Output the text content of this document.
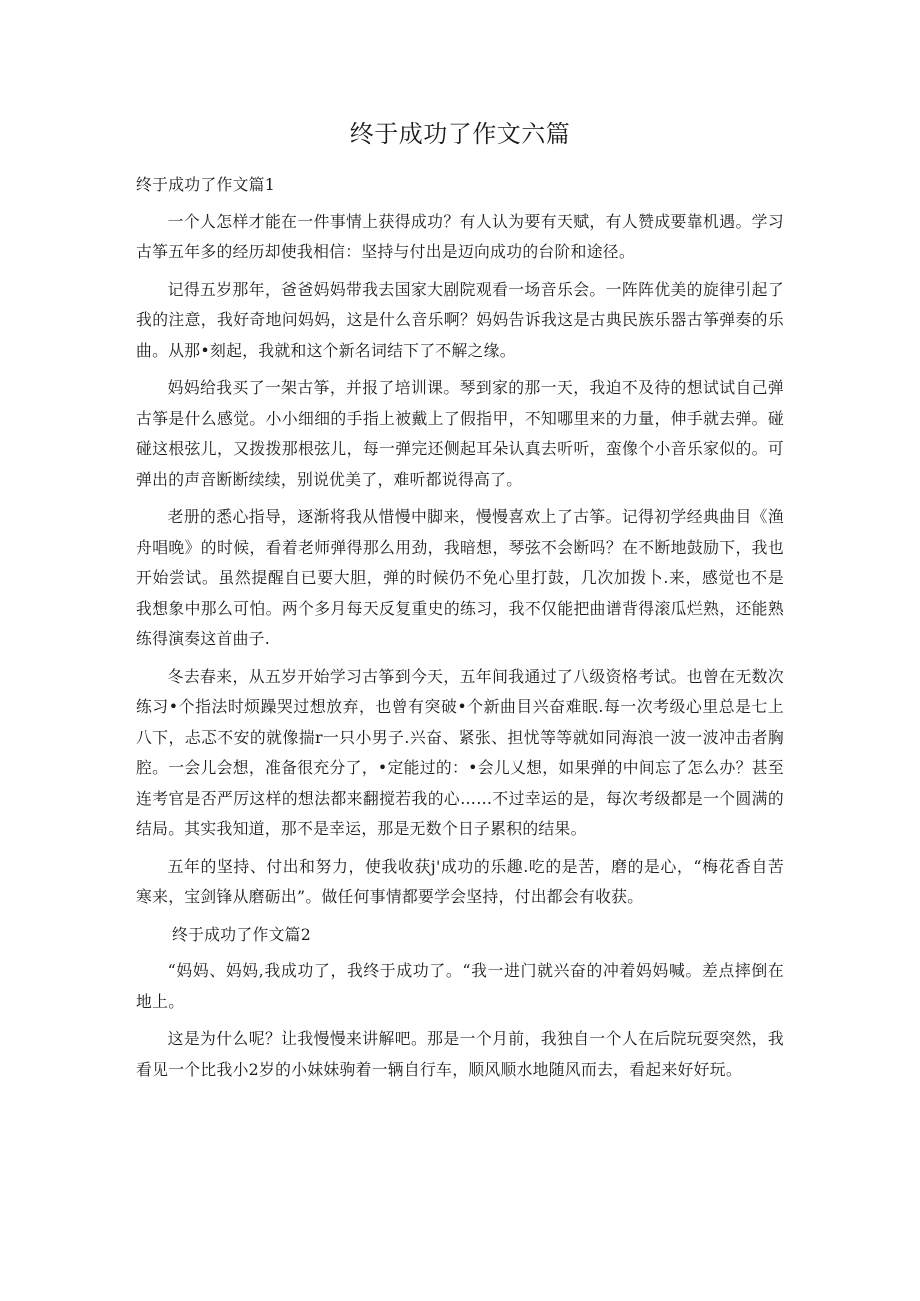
终于成功了作文六篇
终于成功了作文篇1

一个人怎样才能在一件事情上获得成功？有人认为要有天赋，有人赞成要靠机遇。学习古筝五年多的经历却使我相信：坚持与付出是迈向成功的台阶和途径。

记得五岁那年，爸爸妈妈带我去国家大剧院观看一场音乐会。一阵阵优美的旋律引起了我的注意，我好奇地问妈妈，这是什么音乐啊？妈妈告诉我这是古典民族乐器古筝弹奏的乐曲。从那•刻起，我就和这个新名词结下了不解之缘。

妈妈给我买了一架古筝，并报了培训课。琴到家的那一天，我迫不及待的想试试自己弹古筝是什么感觉。小小细细的手指上被戴上了假指甲，不知哪里来的力量，伸手就去弹。碰碰这根弦儿，又拨拨那根弦儿，每一弹完还侧起耳朵认真去听听，蛮像个小音乐家似的。可弹出的声音断断续续，别说优美了，难听都说得高了。

老册的悉心指导，逐渐将我从惜慢中脚来，慢慢喜欢上了古筝。记得初学经典曲目《渔舟唱晚》的时候，看着老师弹得那么用劲，我暗想，琴弦不会断吗？在不断地鼓励下，我也开始尝试。虽然提醒自已要大胆，弹的时候仍不免心里打鼓，几次加拨卜.来，感觉也不是我想象中那么可怕。两个多月每天反复重史的练习，我不仅能把曲谱背得滚瓜烂熟，还能熟练得演奏这首曲子.

冬去春来，从五岁开始学习古筝到今天，五年间我通过了八级资格考试。也曾在无数次练习•个指法时烦躁哭过想放弃，也曾有突破•个新曲目兴奋难眠.每一次考级心里总是七上八下，忐忑不安的就像揣r一只小男子.兴奋、紧张、担忧等等就如同海浪一波一波冲击者胸腔。一会儿会想，准备很充分了，•定能过的：•会儿乂想，如果弹的中间忘了怎么办？甚至连考官是否严厉这样的想法都来翻搅若我的心……不过幸运的是，每次考级都是一个圆满的结局。其实我知道，那不是幸运，那是无数个日子累积的结果。

五年的坚持、付出和努力，使我收获j'成功的乐趣.吃的是苦，磨的是心，“梅花香自苦寒来，宝剑锋从磨砺出”。做任何事情都要学会坚持，付出都会有收获。

终于成功了作文篇2

“妈妈、妈妈,我成功了，我终于成功了。“我一进门就兴奋的冲着妈妈喊。差点摔倒在地上。

这是为什么呢？让我慢慢来讲解吧。那是一个月前，我独自一个人在后院玩耍突然，我看见一个比我小2岁的小妹妹驹着一辆自行车，顺风顺水地随风而去，看起来好好玩。
